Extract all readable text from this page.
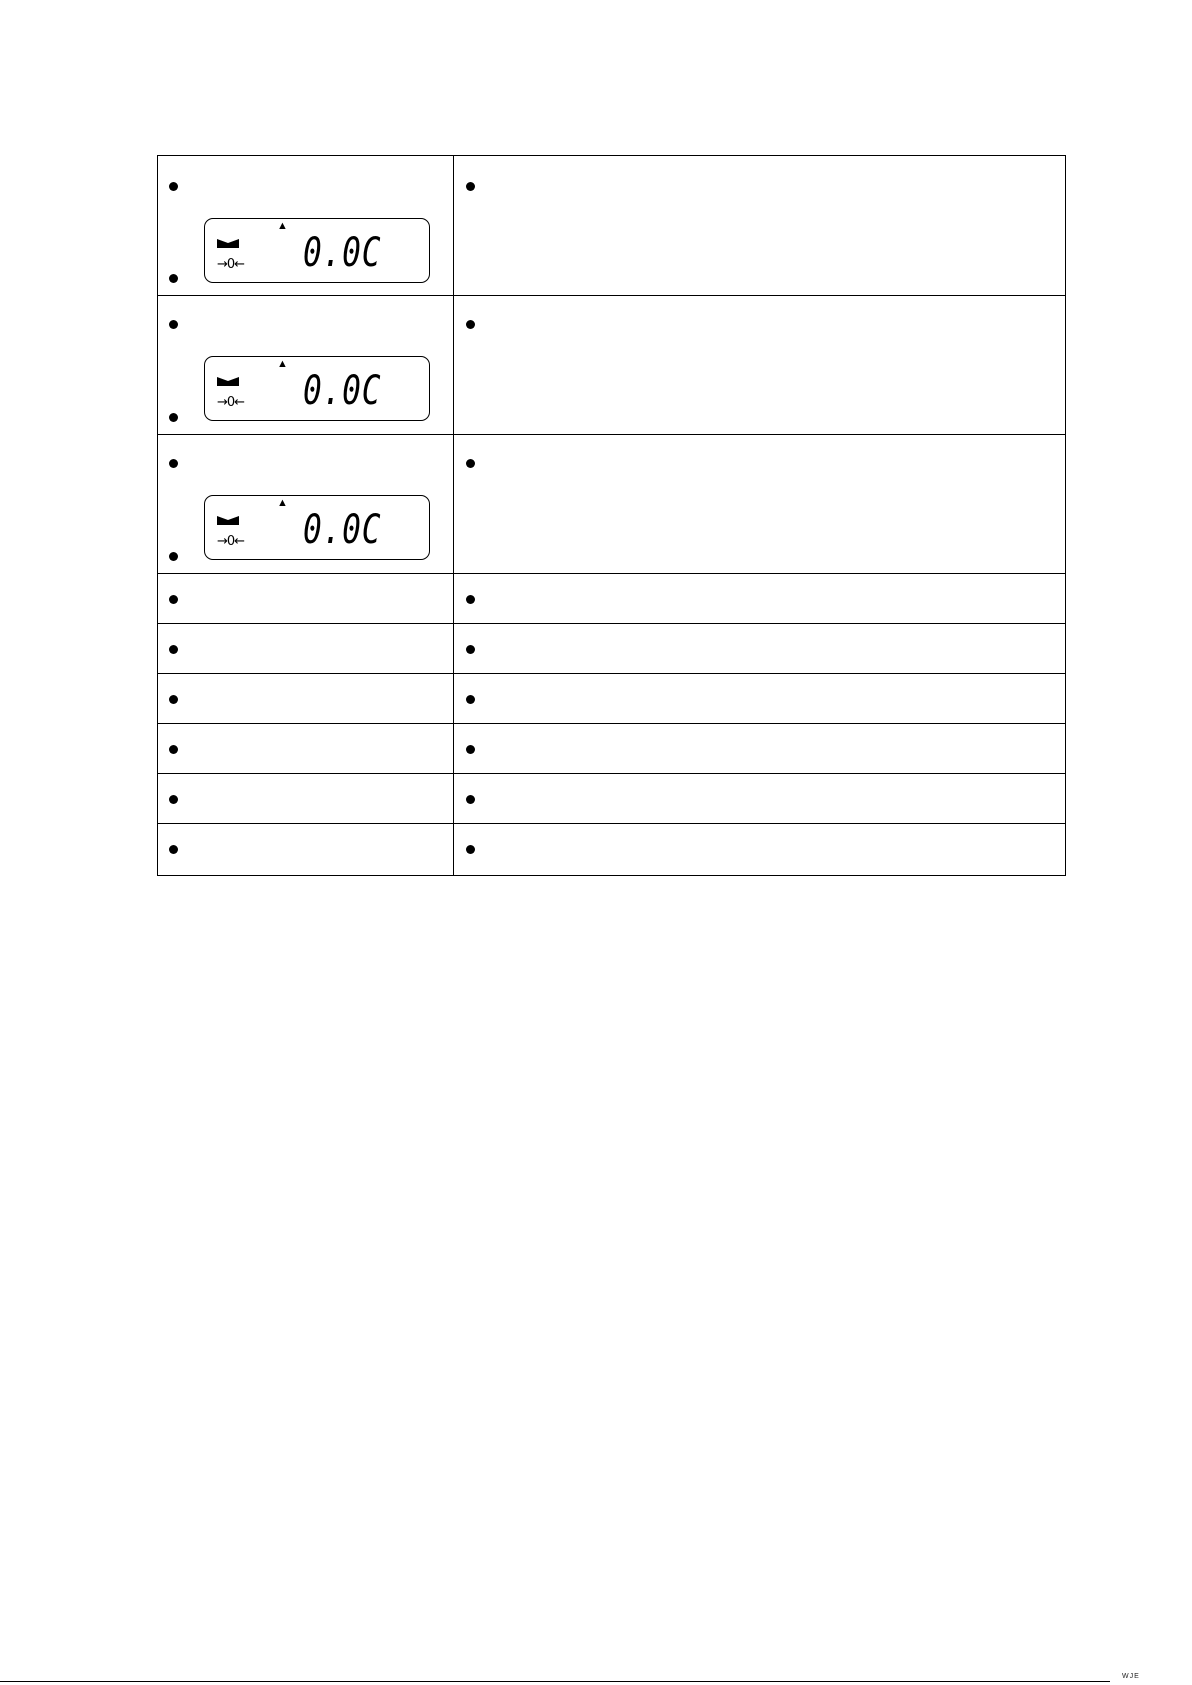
▲
→0← 0.0C
▲
→0← 0.0C
▲
→0← 0.0C
WJE
